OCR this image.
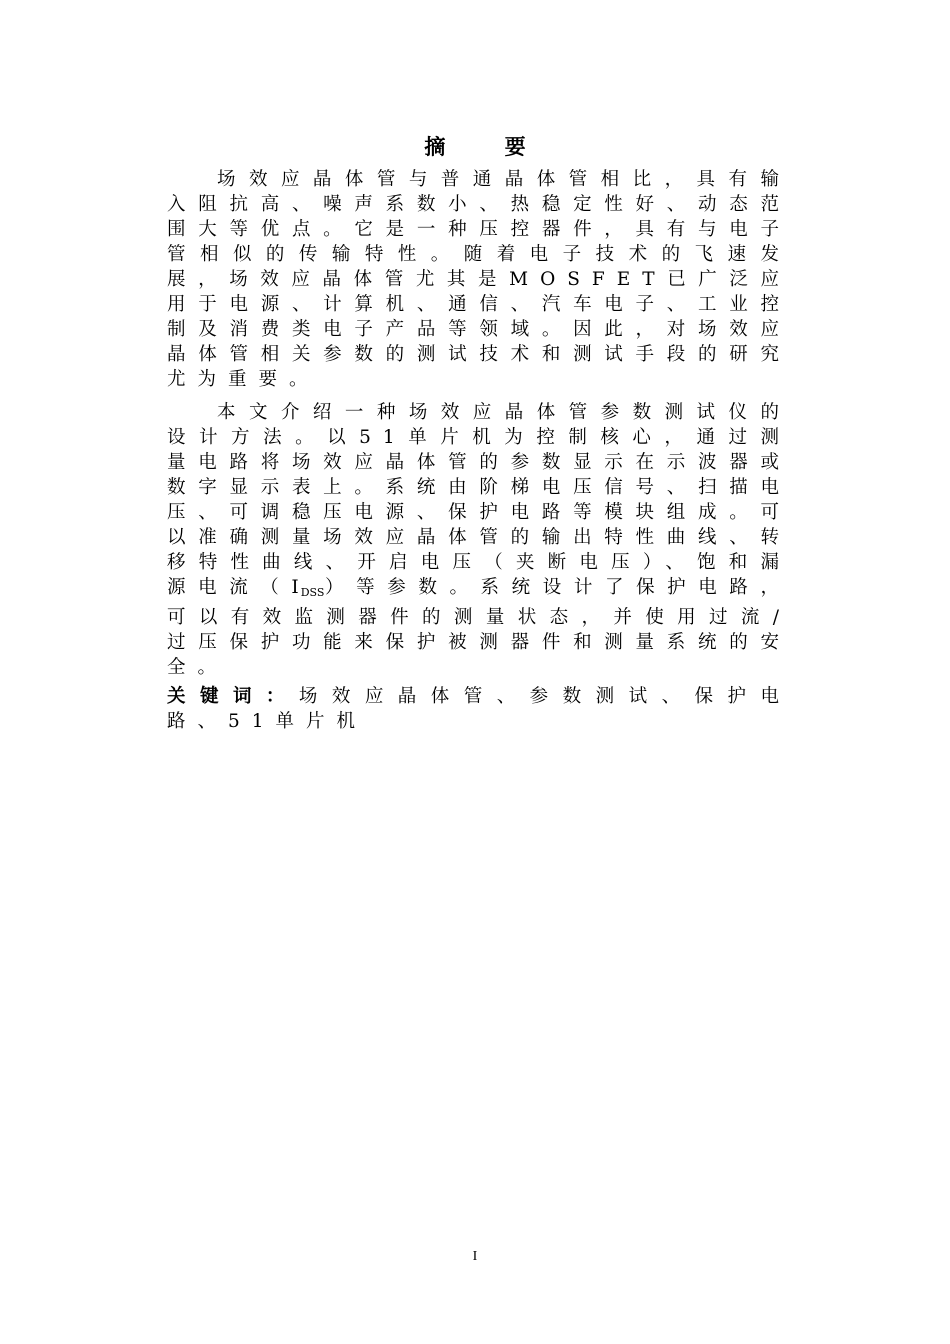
摘 要

场效应晶体管与普通晶体管相比，具有输入阻抗高、噪声系数小、热稳定性好、动态范围大等优点。它是一种压控器件，具有与电子管相似的传输特性。随着电子技术的飞速发展，场效应晶体管尤其是MOSFET已广泛应用于电源、计算机、通信、汽车电子、工业控制及消费类电子产品等领域。因此，对场效应晶体管相关参数的测试技术和测试手段的研究尤为重要。

本文介绍一种场效应晶体管参数测试仪的设计方法。以51单片机为控制核心，通过测量电路将场效应晶体管的参数显示在示波器或数字显示表上。系统由阶梯电压信号、扫描电压、可调稳压电源、保护电路等模块组成。可以准确测量场效应晶体管的输出特性曲线、转移特性曲线、开启电压（夹断电压）、饱和漏源电流$(I_{DSS})$等参数。系统设计了保护电路，可以有效监测器件的测量状态，并使用过流/过压保护功能来保护被测器件和测量系统的安全。

关键词：场效应晶体管、参数测试、保护电路、51单片机

I
